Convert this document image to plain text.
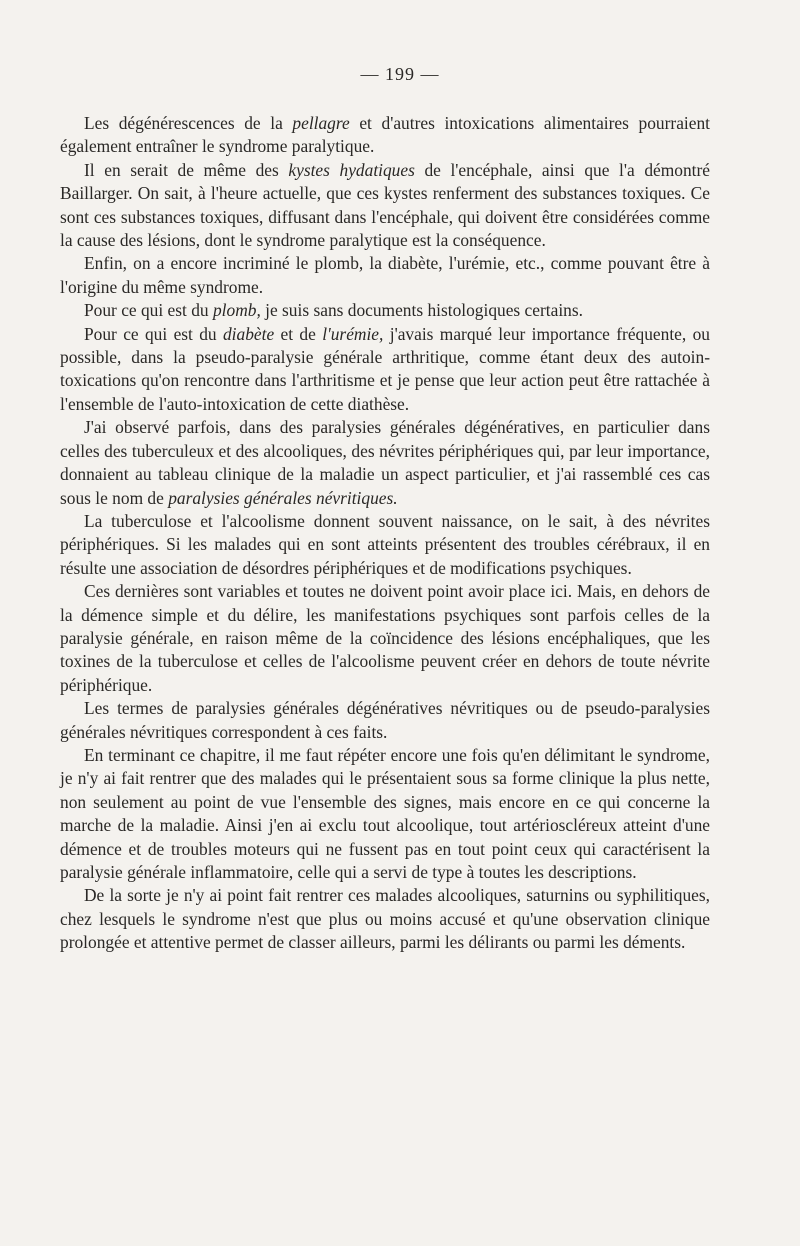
— 199 —

Les dégénérescences de la pellagre et d'autres intoxications alimentaires pourraient également entraîner le syndrome paralytique.

Il en serait de même des kystes hydatiques de l'encéphale, ainsi que l'a démontré Baillarger. On sait, à l'heure actuelle, que ces kystes renferment des substances toxiques. Ce sont ces substances toxiques, diffusant dans l'encéphale, qui doivent être considérées comme la cause des lésions, dont le syndrome paralytique est la conséquence.

Enfin, on a encore incriminé le plomb, la diabète, l'urémie, etc., comme pouvant être à l'origine du même syndrome.

Pour ce qui est du plomb, je suis sans documents histologiques certains.

Pour ce qui est du diabète et de l'urémie, j'avais marqué leur importance fréquente, ou possible, dans la pseudo-paralysie générale arthritique, comme étant deux des autoin-toxications qu'on rencontre dans l'arthritisme et je pense que leur action peut être rattachée à l'ensemble de l'auto-intoxication de cette diathèse.

J'ai observé parfois, dans des paralysies générales dégénératives, en particulier dans celles des tuberculeux et des alcooliques, des névrites périphériques qui, par leur importance, donnaient au tableau clinique de la maladie un aspect particulier, et j'ai rassemblé ces cas sous le nom de paralysies générales névritiques.

La tuberculose et l'alcoolisme donnent souvent naissance, on le sait, à des névrites périphériques. Si les malades qui en sont atteints présentent des troubles cérébraux, il en résulte une association de désordres périphériques et de modifications psychiques.

Ces dernières sont variables et toutes ne doivent point avoir place ici. Mais, en dehors de la démence simple et du délire, les manifestations psychiques sont parfois celles de la paralysie générale, en raison même de la coïncidence des lésions encéphaliques, que les toxines de la tuberculose et celles de l'alcoolisme peuvent créer en dehors de toute névrite périphérique.

Les termes de paralysies générales dégénératives névritiques ou de pseudo-paralysies générales névritiques correspondent à ces faits.

En terminant ce chapitre, il me faut répéter encore une fois qu'en délimitant le syndrome, je n'y ai fait rentrer que des malades qui le présentaient sous sa forme clinique la plus nette, non seulement au point de vue l'ensemble des signes, mais encore en ce qui concerne la marche de la maladie. Ainsi j'en ai exclu tout alcoolique, tout artérioscléreux atteint d'une démence et de troubles moteurs qui ne fussent pas en tout point ceux qui caractérisent la paralysie générale inflammatoire, celle qui a servi de type à toutes les descriptions.

De la sorte je n'y ai point fait rentrer ces malades alcooliques, saturnins ou syphilitiques, chez lesquels le syndrome n'est que plus ou moins accusé et qu'une observation clinique prolongée et attentive permet de classer ailleurs, parmi les délirants ou parmi les déments.
